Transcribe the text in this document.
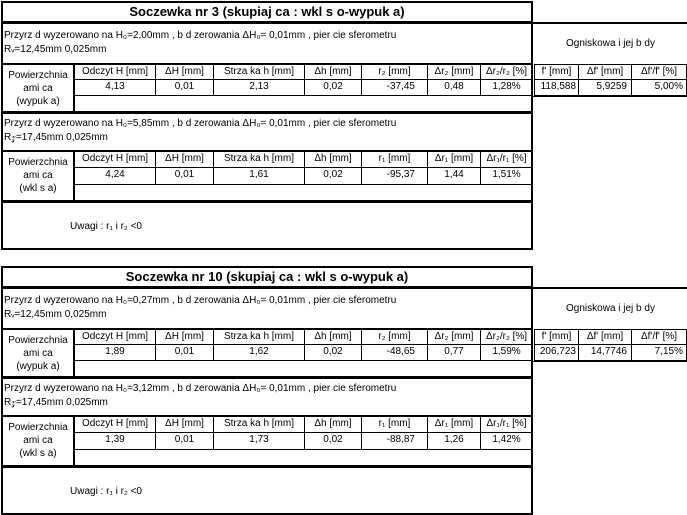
Soczewka nr 3 (skupiaj ca : wkl s o-wypuk a)
Przyrz d wyzerowano na H₀=2,00mm , b d zerowania ΔH₀= 0,01mm , pier cie sferometru
Rᵥ=12,45mm 0,025mm
Powierzchnia
ami ca
(wypuk a)
Odczyt H [mm]	ΔH [mm]	Strza ka h [mm]	Δh [mm]	r₂ [mm]	Δr₂ [mm]	Δr₂/r₂ [%]
4,13	0,01	2,13	0,02	-37,45	0,48	1,28%
Ogniskowa i jej b dy
f' [mm]	Δf' [mm]	Δf'/f' [%]
118,588	5,9259	5,00%
Przyrz d wyzerowano na H₀=5,85mm , b d zerowania ΔH₀= 0,01mm , pier cie sferometru
R𝓏=17,45mm 0,025mm
Powierzchnia
ami ca
(wkl s a)
Odczyt H [mm]	ΔH [mm]	Strza ka h [mm]	Δh [mm]	r₁ [mm]	Δr₁ [mm]	Δr₁/r₁ [%]
4,24	0,01	1,61	0,02	-95,37	1,44	1,51%
Uwagi : r₁ i r₂ <0
Soczewka nr 10 (skupiaj ca : wkl s o-wypuk a)
Przyrz d wyzerowano na H₀=0,27mm , b d zerowania ΔH₀= 0,01mm , pier cie sferometru
Rᵥ=12,45mm 0,025mm
Powierzchnia
ami ca
(wypuk a)
Odczyt H [mm]	ΔH [mm]	Strza ka h [mm]	Δh [mm]	r₂ [mm]	Δr₂ [mm]	Δr₂/r₂ [%]
1,89	0,01	1,62	0,02	-48,65	0,77	1,59%
Ogniskowa i jej b dy
f' [mm]	Δf' [mm]	Δf'/f' [%]
206,723	14,7746	7,15%
Przyrz d wyzerowano na H₀=3,12mm , b d zerowania ΔH₀= 0,01mm , pier cie sferometru
R𝓏=17,45mm 0,025mm
Powierzchnia
ami ca
(wkl s a)
Odczyt H [mm]	ΔH [mm]	Strza ka h [mm]	Δh [mm]	r₁ [mm]	Δr₁ [mm]	Δr₁/r₁ [%]
1,39	0,01	1,73	0,02	-88,87	1,26	1,42%
Uwagi : r₁ i r₂ <0
